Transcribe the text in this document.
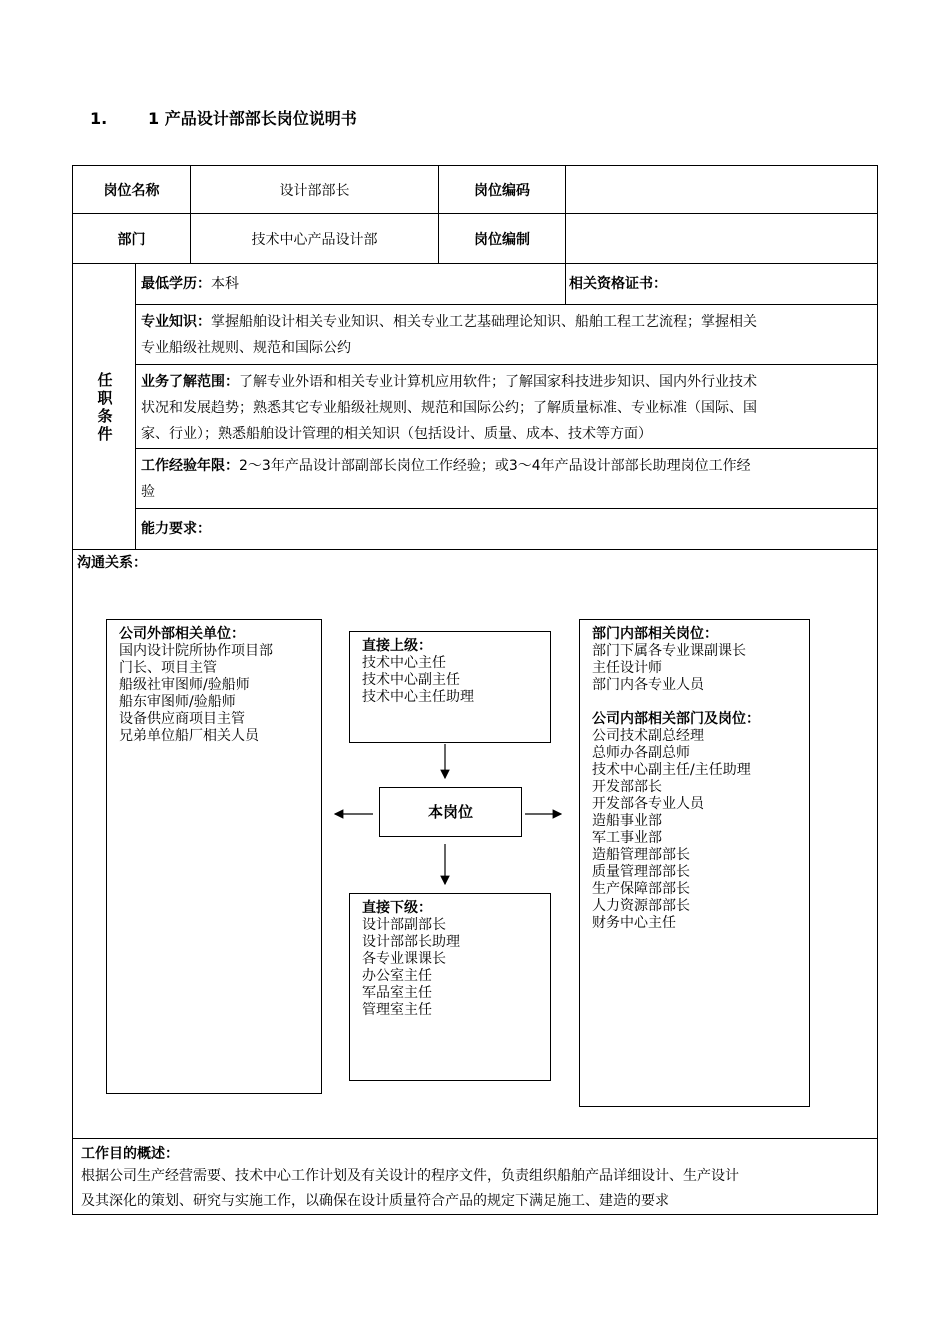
1.	1 产品设计部部长岗位说明书
岗位名称	设计部部长	岗位编码
部门	技术中心产品设计部	岗位编制
任职条件
最低学历：本科	相关资格证书：
专业知识：掌握船舶设计相关专业知识、相关专业工艺基础理论知识、船舶工程工艺流程；掌握相关
专业船级社规则、规范和国际公约
业务了解范围：了解专业外语和相关专业计算机应用软件；了解国家科技进步知识、国内外行业技术
状况和发展趋势；熟悉其它专业船级社规则、规范和国际公约；了解质量标准、专业标准（国际、国
家、行业）；熟悉船舶设计管理的相关知识（包括设计、质量、成本、技术等方面）
工作经验年限：2～3年产品设计部副部长岗位工作经验；或3～4年产品设计部部长助理岗位工作经
验
能力要求：
沟通关系：
公司外部相关单位：
国内设计院所协作项目部
门长、项目主管
船级社审图师/验船师
船东审图师/验船师
设备供应商项目主管
兄弟单位船厂相关人员
直接上级：
技术中心主任
技术中心副主任
技术中心主任助理
本岗位
直接下级：
设计部副部长
设计部部长助理
各专业课课长
办公室主任
军品室主任
管理室主任
部门内部相关岗位：
部门下属各专业课副课长
主任设计师
部门内各专业人员
公司内部相关部门及岗位：
公司技术副总经理
总师办各副总师
技术中心副主任/主任助理
开发部部长
开发部各专业人员
造船事业部
军工事业部
造船管理部部长
质量管理部部长
生产保障部部长
人力资源部部长
财务中心主任
工作目的概述：
根据公司生产经营需要、技术中心工作计划及有关设计的程序文件，负责组织船舶产品详细设计、生产设计
及其深化的策划、研究与实施工作，以确保在设计质量符合产品的规定下满足施工、建造的要求
